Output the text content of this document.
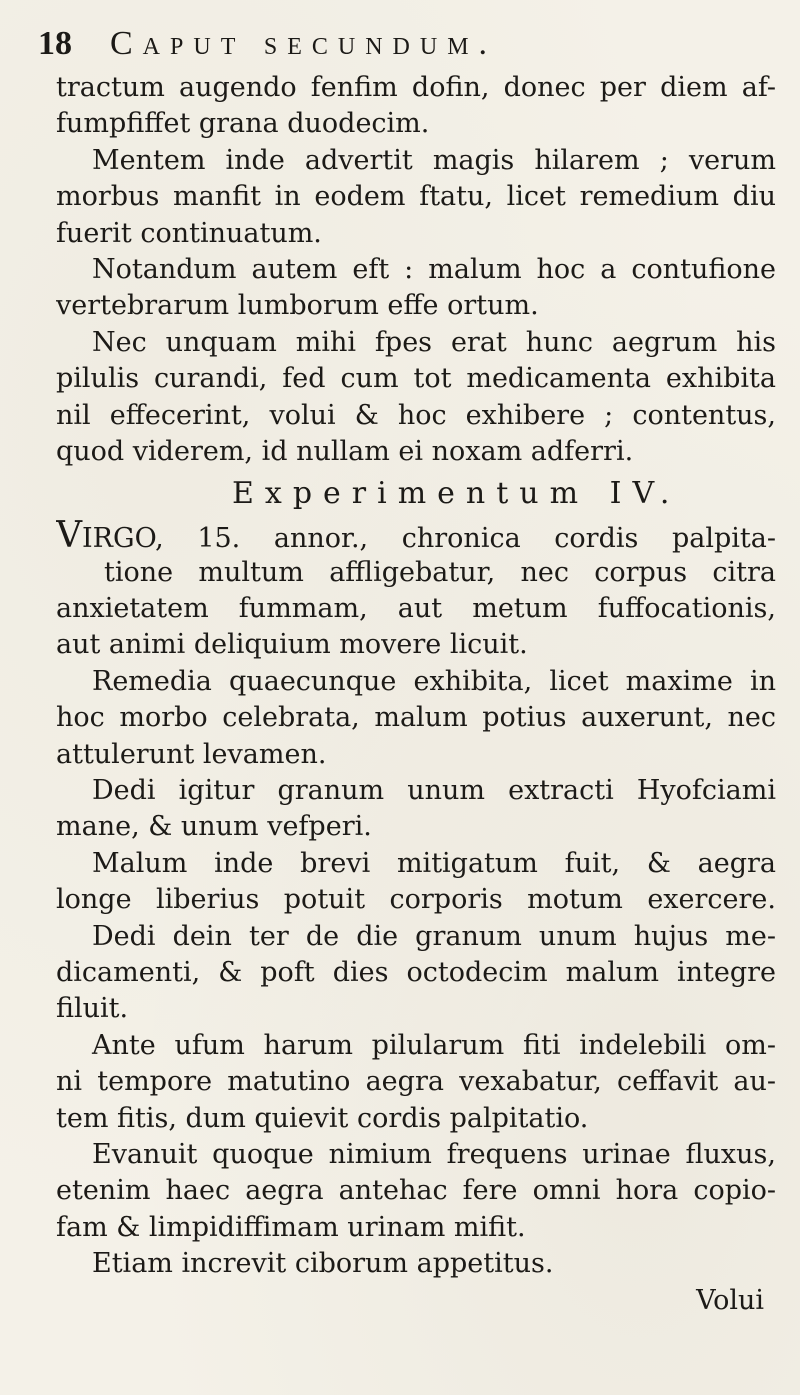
18 Caput secundum.
tractum augendo fenfim dofin, donec per diem af-
fumpfiffet grana duodecim.
Mentem inde advertit magis hilarem ; verum
morbus manfit in eodem ftatu, licet remedium diu
fuerit continuatum.
Notandum autem eft : malum hoc a contufione
vertebrarum lumborum effe ortum.
Nec unquam mihi fpes erat hunc aegrum his
pilulis curandi, fed cum tot medicamenta exhibita
nil effecerint, volui & hoc exhibere ; contentus,
quod viderem, id nullam ei noxam adferri.
Experimentum IV.
VIRGO, 15. annor., chronica cordis palpita-
tione multum affligebatur, nec corpus citra
anxietatem fummam, aut metum fuffocationis,
aut animi deliquium movere licuit.
Remedia quaecunque exhibita, licet maxime in
hoc morbo celebrata, malum potius auxerunt, nec
attulerunt levamen.
Dedi igitur granum unum extracti Hyofciami
mane, & unum vefperi.
Malum inde brevi mitigatum fuit, & aegra
longe liberius potuit corporis motum exercere.
Dedi dein ter de die granum unum hujus me-
dicamenti, & poft dies octodecim malum integre
filuit.
Ante ufum harum pilularum fiti indelebili om-
ni tempore matutino aegra vexabatur, ceffavit au-
tem fitis, dum quievit cordis palpitatio.
Evanuit quoque nimium frequens urinae fluxus,
etenim haec aegra antehac fere omni hora copio-
fam & limpidiffimam urinam mifit.
Etiam increvit ciborum appetitus.
Volui
